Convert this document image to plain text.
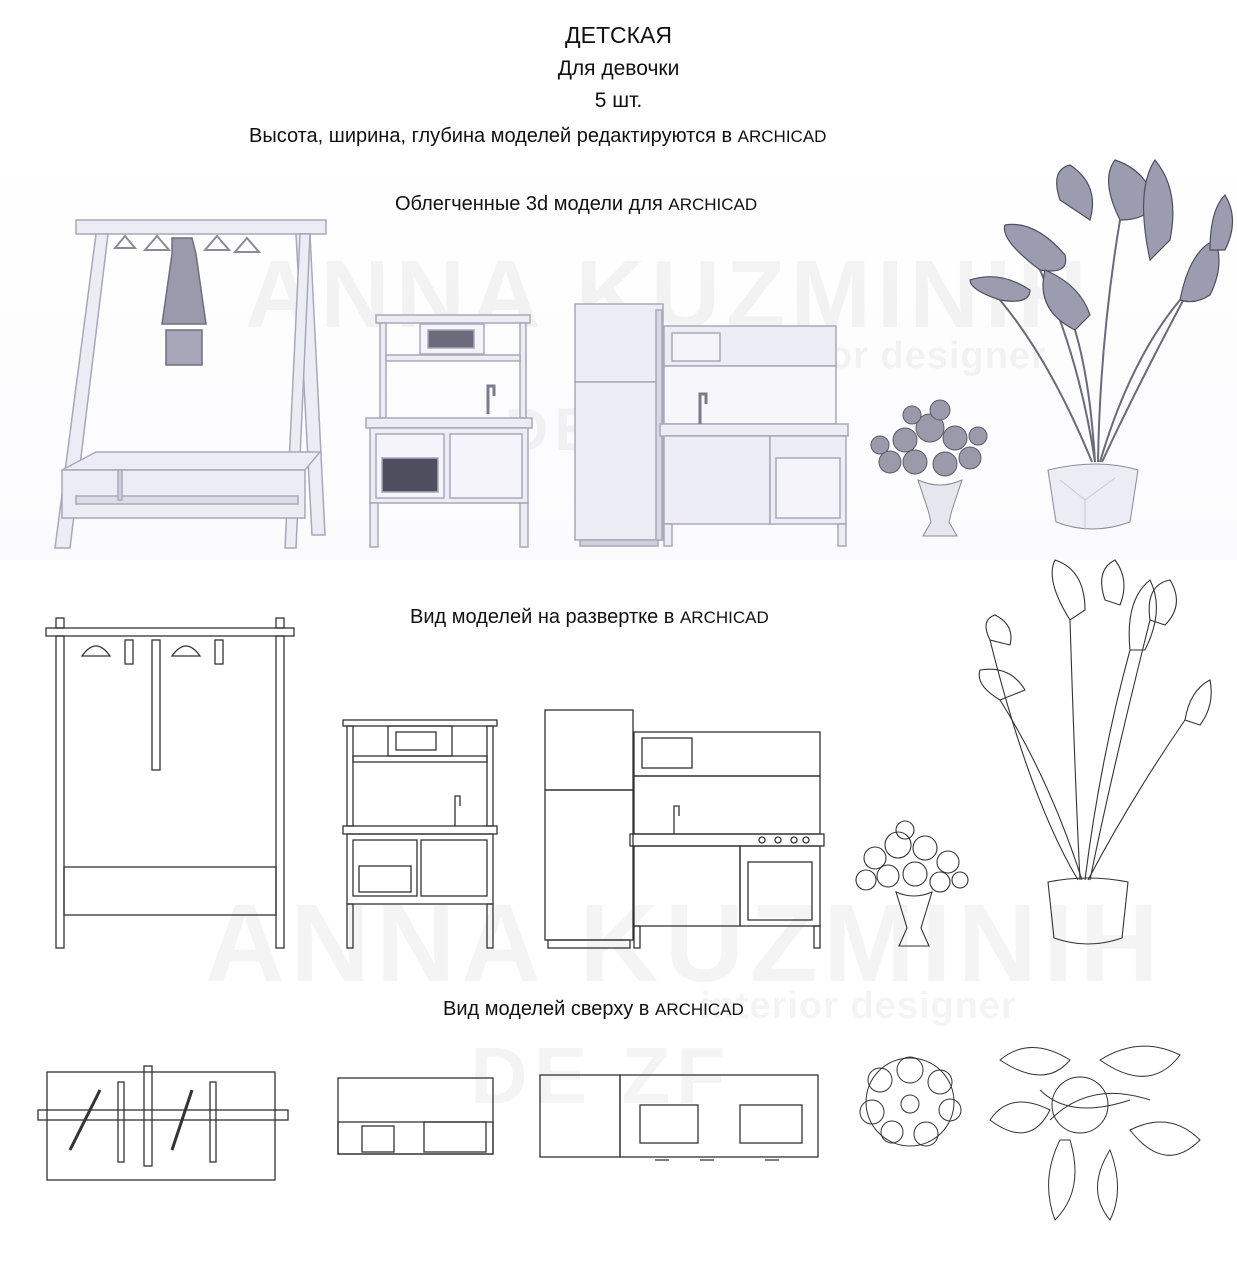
ДЕТСКАЯ
Для девочки
5 шт.
Высота, ширина, глубина моделей редактируются в ARCHICAD
Облегченные 3d модели для ARCHICAD
Вид моделей на развертке в ARCHICAD
Вид моделей сверху в ARCHICAD
